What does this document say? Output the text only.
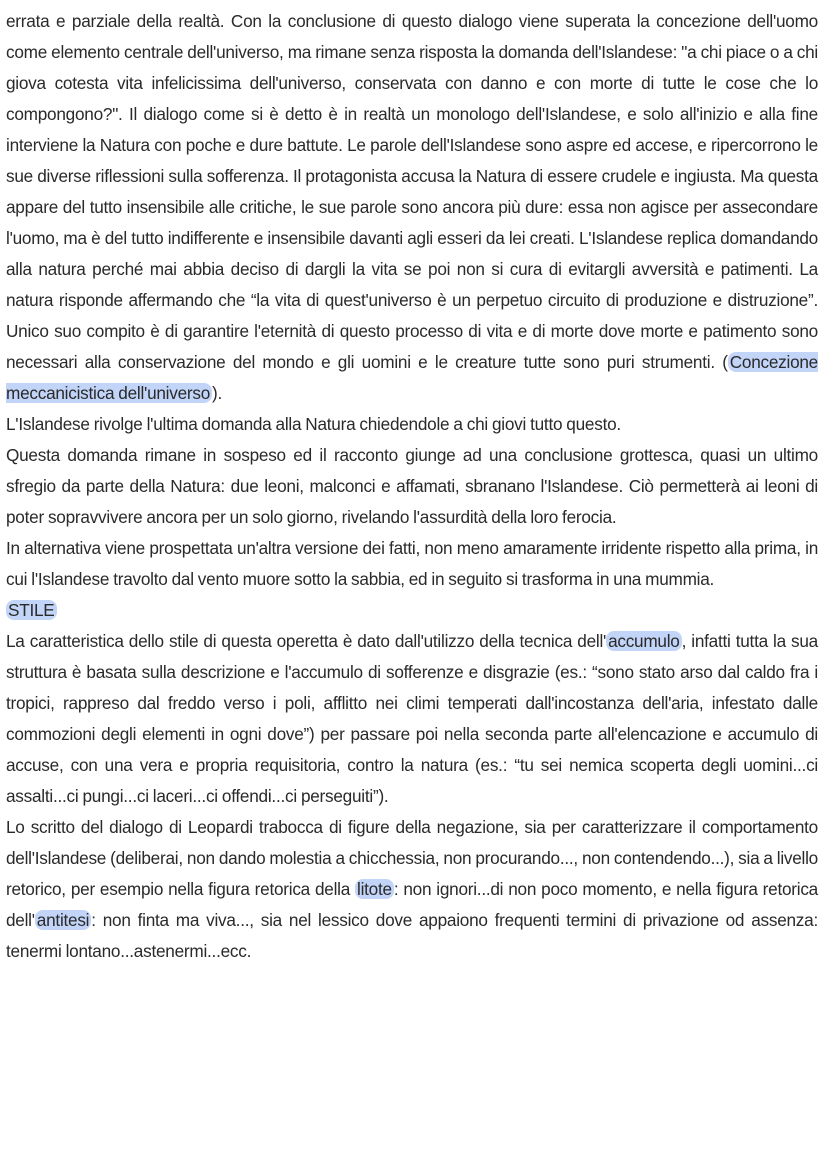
errata e parziale della realtà. Con la conclusione di questo dialogo viene superata la concezione dell'uomo come elemento centrale dell'universo, ma rimane senza risposta la domanda dell'Islandese: "a chi piace o a chi giova cotesta vita infelicissima dell'universo, conservata con danno e con morte di tutte le cose che lo compongono?". Il dialogo come si è detto è in realtà un monologo dell'Islandese, e solo all'inizio e alla fine interviene la Natura con poche e dure battute. Le parole dell'Islandese sono aspre ed accese, e ripercorrono le sue diverse riflessioni sulla sofferenza. Il protagonista accusa la Natura di essere crudele e ingiusta. Ma questa appare del tutto insensibile alle critiche, le sue parole sono ancora più dure: essa non agisce per assecondare l'uomo, ma è del tutto indifferente e insensibile davanti agli esseri da lei creati. L'Islandese replica domandando alla natura perché mai abbia deciso di dargli la vita se poi non si cura di evitargli avversità e patimenti. La natura risponde affermando che “la vita di quest'universo è un perpetuo circuito di produzione e distruzione”. Unico suo compito è di garantire l'eternità di questo processo di vita e di morte dove morte e patimento sono necessari alla conservazione del mondo e gli uomini e le creature tutte sono puri strumenti. ( Concezione meccanicistica dell'universo ).

L'Islandese rivolge l'ultima domanda alla Natura chiedendole a chi giovi tutto questo.

Questa domanda rimane in sospeso ed il racconto giunge ad una conclusione grottesca, quasi un ultimo sfregio da parte della Natura: due leoni, malconci e affamati, sbranano l'Islandese. Ciò permetterà ai leoni di poter sopravvivere ancora per un solo giorno, rivelando l'assurdità della loro ferocia.

In alternativa viene prospettata un'altra versione dei fatti, non meno amaramente irridente rispetto alla prima, in cui l'Islandese travolto dal vento muore sotto la sabbia, ed in seguito si trasforma in una mummia.

STILE

La caratteristica dello stile di questa operetta è dato dall'utilizzo della tecnica dell' accumulo , infatti tutta la sua struttura è basata sulla descrizione e l'accumulo di sofferenze e disgrazie (es.: “sono stato arso dal caldo fra i tropici, rappreso dal freddo verso i poli, afflitto nei climi temperati dall'incostanza dell'aria, infestato dalle commozioni degli elementi in ogni dove”) per passare poi nella seconda parte all'elencazione e accumulo di accuse, con una vera e propria requisitoria, contro la natura (es.: “tu sei nemica scoperta degli uomini...ci assalti...ci pungi...ci laceri...ci offendi...ci perseguiti”).

Lo scritto del dialogo di Leopardi trabocca di figure della negazione, sia per caratterizzare il comportamento dell'Islandese (deliberai, non dando molestia a chicchessia, non procurando..., non contendendo...), sia a livello retorico, per esempio nella figura retorica della litote : non ignori...di non poco momento, e nella figura retorica dell' antitesi : non finta ma viva..., sia nel lessico dove appaiono frequenti termini di privazione od assenza: tenermi lontano...astenermi...ecc.
